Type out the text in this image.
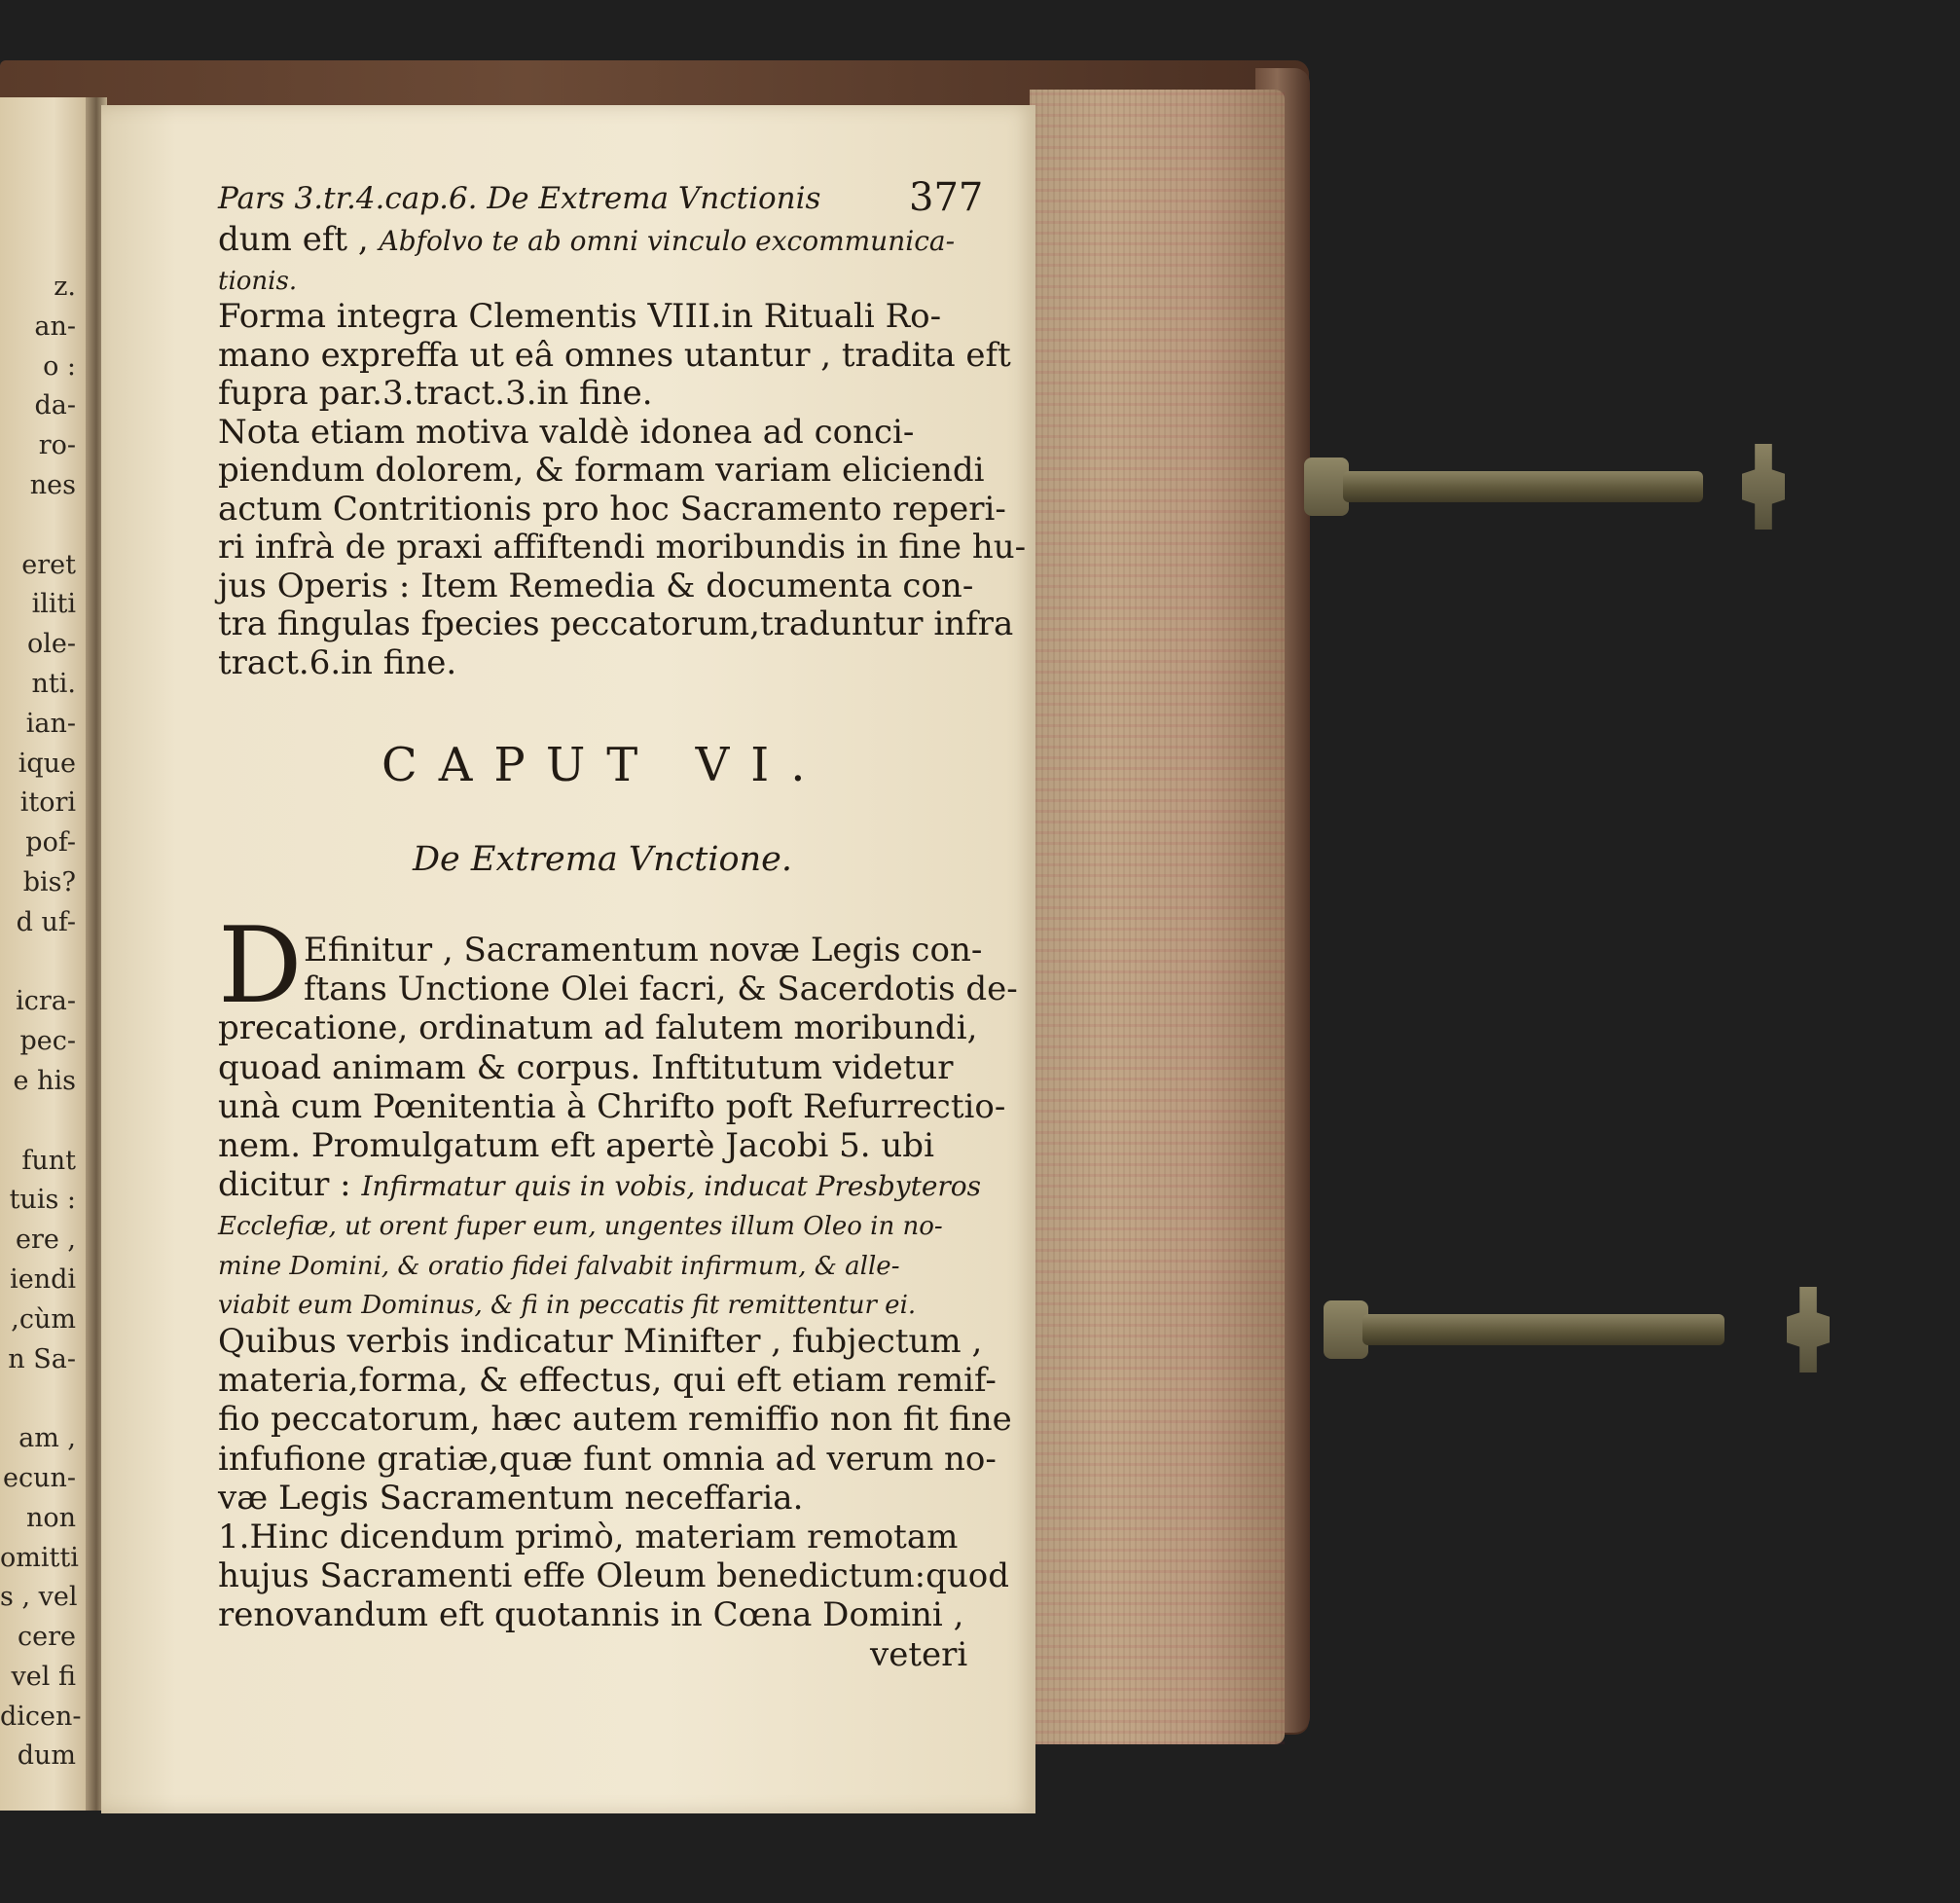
z.
an-
o :
da-
ro-
nes

eret
iliti
ole-
nti.
ian-
ique
itori
pof-
bis?
d uf-

icra-
pec-
e his

funt
tuis :
ere ,
iendi
,cùm
n Sa-

am ,
ecun-
non
omitti
s , vel
cere
vel fi
dicen-
dum
Pars 3.tr.4.cap.6. De Extrema Vnctionis	377
dum eft , Abfolvo te ab omni vinculo excommunica-
tionis.
Forma integra Clementis VIII.in Rituali Ro-
mano expreffa ut eâ omnes utantur , tradita eft
fupra par.3.tract.3.in fine.
Nota etiam motiva valdè idonea ad conci-
piendum dolorem, & formam variam eliciendi
actum Contritionis pro hoc Sacramento reperi-
ri infrà de praxi affiftendi moribundis in fine hu-
jus Operis : Item Remedia & documenta con-
tra fingulas fpecies peccatorum,traduntur infra
tract.6.in fine.
CAPUT VI.
De Extrema Vnctione.
D Efinitur , Sacramentum novæ Legis con-
ftans Unctione Olei facri, & Sacerdotis de-
precatione, ordinatum ad falutem moribundi,
quoad animam & corpus. Inftitutum videtur
unà cum Pœnitentia à Chrifto poft Refurrectio-
nem. Promulgatum eft apertè Jacobi 5. ubi
dicitur : Infirmatur quis in vobis, inducat Presbyteros
Ecclefiæ, ut orent fuper eum, ungentes illum Oleo in no-
mine Domini, & oratio fidei falvabit infirmum, & alle-
viabit eum Dominus, & fi in peccatis fit remittentur ei.
Quibus verbis indicatur Minifter , fubjectum ,
materia,forma, & effectus, qui eft etiam remif-
fio peccatorum, hæc autem remiffio non fit fine
infufione gratiæ,quæ funt omnia ad verum no-
væ Legis Sacramentum neceffaria.
1.Hinc dicendum primò, materiam remotam
hujus Sacramenti effe Oleum benedictum:quod
renovandum eft quotannis in Cœna Domini ,
veteri
